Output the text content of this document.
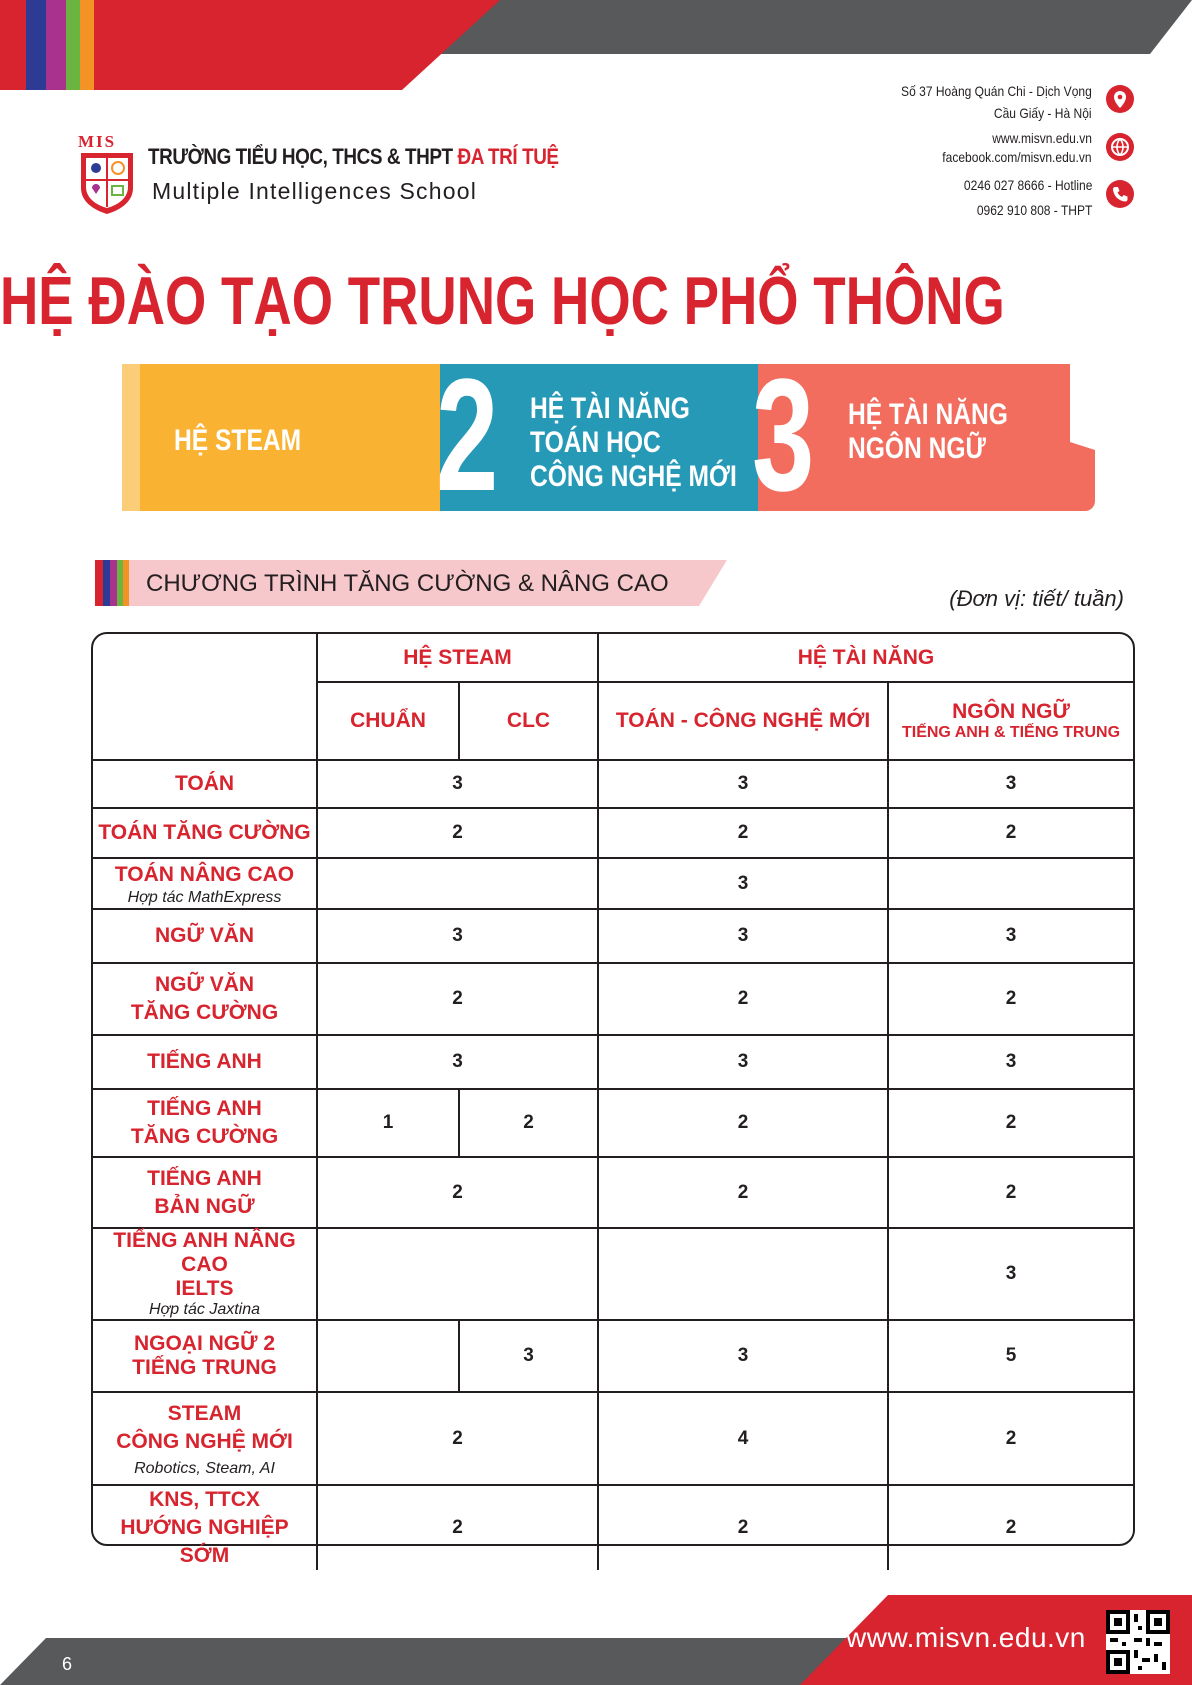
MIS
TRƯỜNG TIỂU HỌC, THCS & THPT ĐA TRÍ TUỆ
Multiple Intelligences School
Số 37 Hoàng Quán Chi - Dịch Vọng
Cầu Giấy - Hà Nội
www.misvn.edu.vn
facebook.com/misvn.edu.vn
0246 027 8666 - Hotline
0962 910 808 - THPT
HỆ ĐÀO TẠO TRUNG HỌC PHỔ THÔNG
HỆ STEAM 2 HỆ TÀI NĂNG
TOÁN HỌC
CÔNG NGHỆ MỚI 3 HỆ TÀI NĂNG
NGÔN NGỮ
CHƯƠNG TRÌNH TĂNG CƯỜNG & NÂNG CAO
(Đơn vị: tiết/ tuần)
	HỆ STEAM		HỆ TÀI NĂNG	
	CHUẨN	CLC	TOÁN - CÔNG NGHỆ MỚI	NGÔN NGỮ
TIẾNG ANH & TIẾNG TRUNG

TOÁN	3		3	3
TOÁN TĂNG CƯỜNG	2		2	2
TOÁN NÂNG CAO
Hợp tác MathExpress			3	
NGỮ VĂN	3		3	3
NGỮ VĂN
TĂNG CƯỜNG	2		2	2
TIẾNG ANH	3		3	3
TIẾNG ANH
TĂNG CƯỜNG	1	2	2	2
TIẾNG ANH
BẢN NGỮ	2		2	2
TIẾNG ANH NÂNG CAO
IELTS
Hợp tác Jaxtina				3
NGOẠI NGỮ 2
TIẾNG TRUNG		3	3	5
STEAM
CÔNG NGHỆ MỚI
Robotics, Steam, AI	2		4	2
KNS, TTCX
HƯỚNG NGHIỆP SỚM	2		2	2
www.misvn.edu.vn
6
